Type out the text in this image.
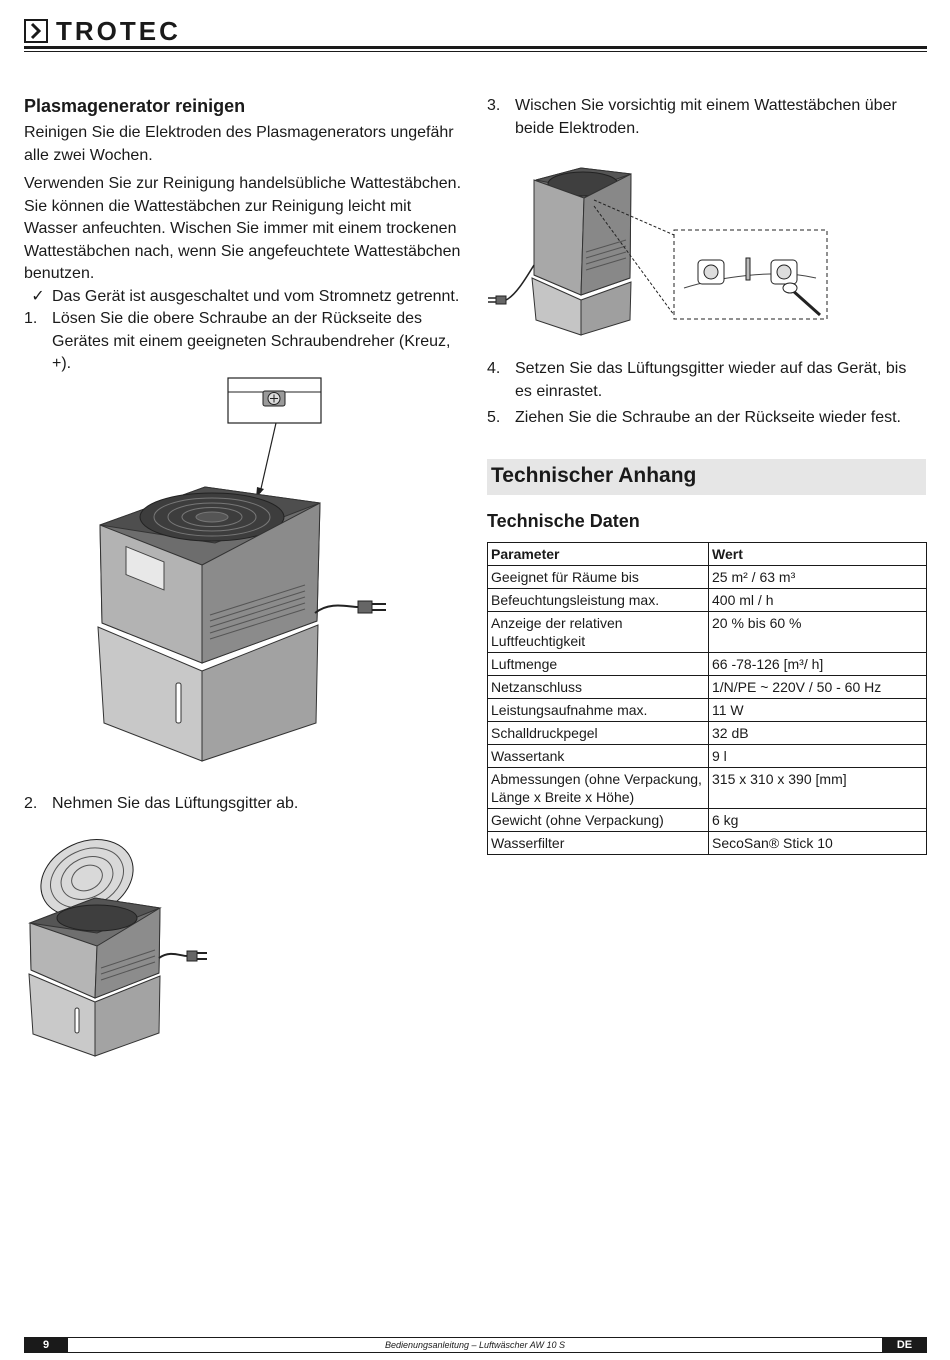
TROTEC
Plasmagenerator reinigen

Reinigen Sie die Elektroden des Plasmagenerators ungefähr alle zwei Wochen.

Verwenden Sie zur Reinigung handelsübliche Wattestäbchen. Sie können die Wattestäbchen zur Reinigung leicht mit Wasser anfeuchten. Wischen Sie immer mit einem trockenen Wattestäbchen nach, wenn Sie angefeuchtete Wattestäbchen benutzen.

✓ Das Gerät ist ausgeschaltet und vom Stromnetz getrennt.
1. Lösen Sie die obere Schraube an der Rückseite des Gerätes mit einem geeigneten Schraubendreher (Kreuz, +).
2. Nehmen Sie das Lüftungsgitter ab.
3. Wischen Sie vorsichtig mit einem Wattestäbchen über beide Elektroden.
4. Setzen Sie das Lüftungsgitter wieder auf das Gerät, bis es einrastet.
5. Ziehen Sie die Schraube an der Rückseite wieder fest.
Technischer Anhang
Technische Daten
Parameter	Wert
Geeignet für Räume bis	25 m² / 63 m³
Befeuchtungsleistung max.	400 ml / h
Anzeige der relativen Luftfeuchtigkeit	20 % bis 60 %
Luftmenge	66 -78-126 [m³/ h]
Netzanschluss	1/N/PE ~ 220V / 50 - 60 Hz
Leistungsaufnahme max.	11 W
Schalldruckpegel	32 dB
Wassertank	9 l
Abmessungen (ohne Verpackung, Länge x Breite x Höhe)	315 x 310 x 390 [mm]
Gewicht (ohne Verpackung)	6 kg
Wasserfilter	SecoSan® Stick 10
9	Bedienungsanleitung – Luftwäscher AW 10 S	DE
